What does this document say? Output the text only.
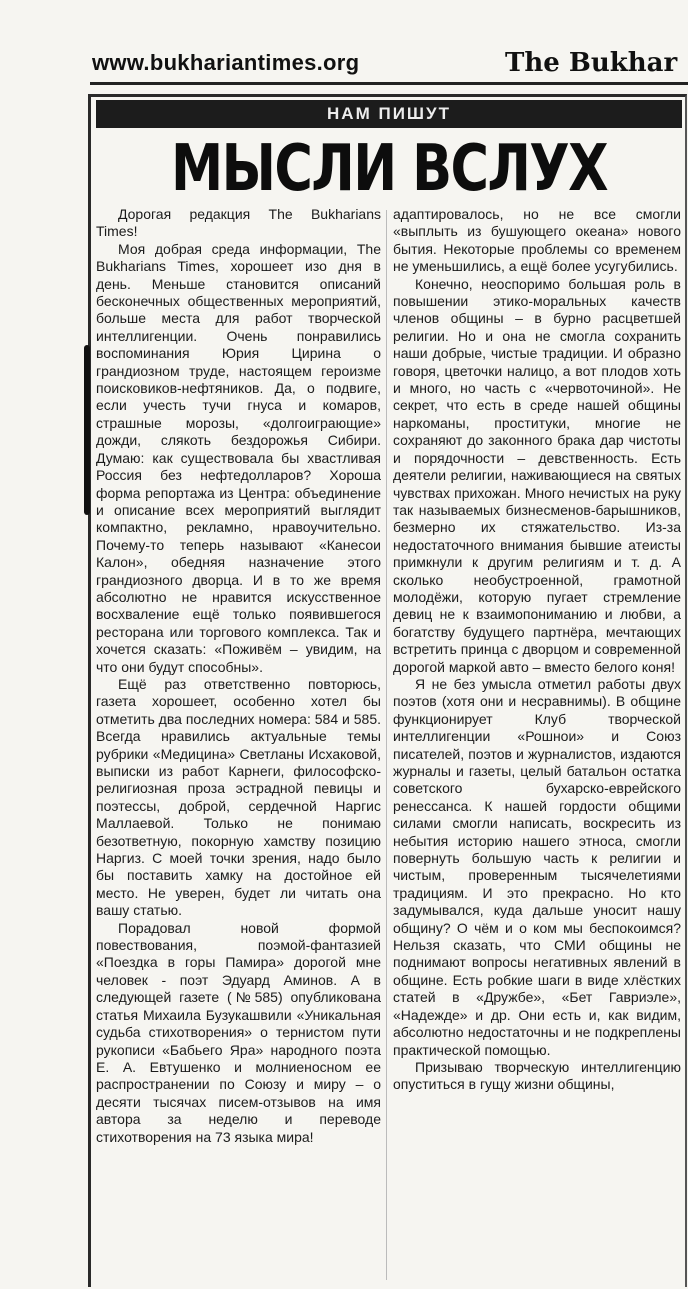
www.bukhariantimes.org	The Bukhar
НАМ ПИШУТ
МЫСЛИ ВСЛУХ

Дорогая редакция The Bukharians Times!

Моя добрая среда информации, The Bukharians Times, хорошеет изо дня в день. Меньше становится описаний бесконечных общественных мероприятий, больше места для работ творческой интеллигенции. Очень понравились воспоминания Юрия Цирина о грандиозном труде, настоящем героизме поисковиков-нефтяников. Да, о подвиге, если учесть тучи гнуса и комаров, страшные морозы, «долгоиграющие» дожди, слякоть бездорожья Сибири. Думаю: как существовала бы хвастливая Россия без нефтедолларов? Хороша форма репортажа из Центра: объединение и описание всех мероприятий выглядит компактно, рекламно, нравоучительно. Почему-то теперь называют «Канесои Калон», обедняя назначение этого грандиозного дворца. И в то же время абсолютно не нравится искусственное восхваление ещё только появившегося ресторана или торгового комплекса. Так и хочется сказать: «Поживём – увидим, на что они будут способны».

Ещё раз ответственно повторюсь, газета хорошеет, особенно хотел бы отметить два последних номера: 584 и 585. Всегда нравились актуальные темы рубрики «Медицина» Светланы Исхаковой, выписки из работ Карнеги, философско-религиозная проза эстрадной певицы и поэтессы, доброй, сердечной Наргис Маллаевой. Только не понимаю безответную, покорную хамству позицию Наргиз. С моей точки зрения, надо было бы поставить хамку на достойное ей место. Не уверен, будет ли читать она вашу статью.

Порадовал новой формой повествования, поэмой-фантазией «Поездка в горы Памира» дорогой мне человек - поэт Эдуард Аминов. А в следующей газете (№585) опубликована статья Михаила Бузукашвили «Уникальная судьба стихотворения» о тернистом пути рукописи «Бабьего Яра» народного поэта Е. А. Евтушенко и молниеносном ее распространении по Союзу и миру – о десяти тысячах писем-отзывов на имя автора за неделю и переводе стихотворения на 73 языка мира!

адаптировалось, но не все смогли «выплыть из бушующего океана» нового бытия. Некоторые проблемы со временем не уменьшились, а ещё более усугубились.

Конечно, неоспоримо большая роль в повышении этико-моральных качеств членов общины – в бурно расцветшей религии. Но и она не смогла сохранить наши добрые, чистые традиции. И образно говоря, цветочки налицо, а вот плодов хоть и много, но часть с «червоточиной». Не секрет, что есть в среде нашей общины наркоманы, проституки, многие не сохраняют до законного брака дар чистоты и порядочности – девственность. Есть деятели религии, наживающиеся на святых чувствах прихожан. Много нечистых на руку так называемых бизнесменов-барышников, безмерно их стяжательство. Из-за недостаточного внимания бывшие атеисты примкнули к другим религиям и т. д. А сколько необустроенной, грамотной молодёжи, которую пугает стремление девиц не к взаимопониманию и любви, а богатству будущего партнёра, мечтающих встретить принца с дворцом и современной дорогой маркой авто – вместо белого коня!

Я не без умысла отметил работы двух поэтов (хотя они и несравнимы). В общине функционирует Клуб творческой интеллигенции «Рошнои» и Союз писателей, поэтов и журналистов, издаются журналы и газеты, целый батальон остатка советского бухарско-еврейского ренессанса. К нашей гордости общими силами смогли написать, воскресить из небытия историю нашего этноса, смогли повернуть большую часть к религии и чистым, проверенным тысячелетиями традициям. И это прекрасно. Но кто задумывался, куда дальше уносит нашу общину? О чём и о ком мы беспокоимся? Нельзя сказать, что СМИ общины не поднимают вопросы негативных явлений в общине. Есть робкие шаги в виде хлёстких статей в «Дружбе», «Бет Гавриэле», «Надежде» и др. Они есть и, как видим, абсолютно недостаточны и не подкреплены практической помощью.

Призываю творческую интеллигенцию опуститься в гущу жизни общины,
